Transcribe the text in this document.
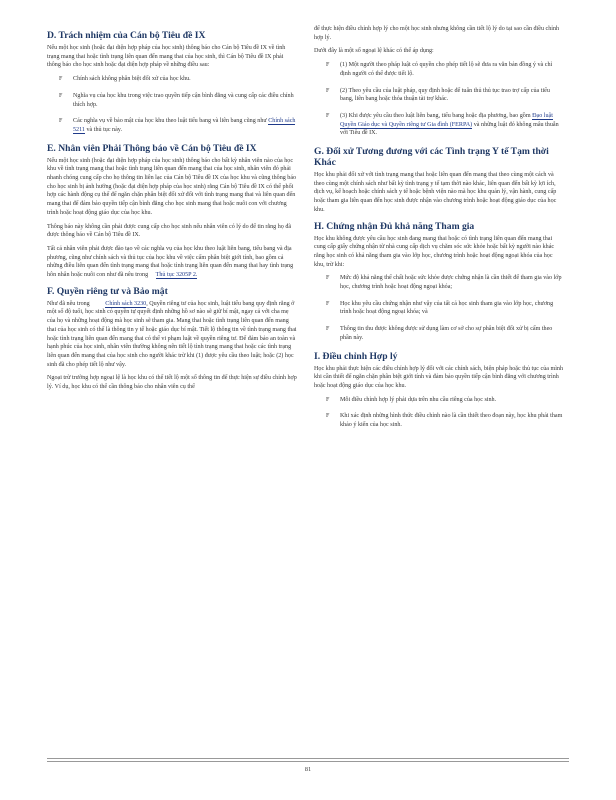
D. Trách nhiệm của Cán bộ Tiêu đề IX

Nếu một học sinh (hoặc đại diện hợp pháp của học sinh) thông báo cho Cán bộ Tiêu đề IX về tình trạng mang thai hoặc tình trạng liên quan đến mang thai của học sinh, thì Cán bộ Tiêu đề IX phải thông báo cho học sinh hoặc đại diện hợp pháp về những điều sau:

F Chính sách không phân biệt đối xử của học khu.
F Nghĩa vụ của học khu trong việc trao quyền tiếp cận bình đẳng và cung cấp các điều chỉnh thích hợp.
F Các nghĩa vụ về bảo mật của học khu theo luật tiểu bang và liên bang cũng như Chính sách 5211 và thủ tục này.
E. Nhân viên Phải Thông báo về Cán bộ Tiêu đề IX

Nếu một học sinh (hoặc đại diện hợp pháp của học sinh) thông báo cho bất kỳ nhân viên nào của học khu về tình trạng mang thai hoặc tình trạng liên quan đến mang thai của học sinh, nhân viên đó phải nhanh chóng cung cấp cho họ thông tin liên lạc của Cán bộ Tiêu đề IX của học khu và cũng thông báo cho học sinh bị ảnh hưởng (hoặc đại diện hợp pháp của học sinh) rằng Cán bộ Tiêu đề IX có thể phối hợp các hành động cụ thể để ngăn chặn phân biệt đối xử đối với tình trạng mang thai và liên quan đến mang thai để đảm bảo quyền tiếp cận bình đẳng cho học sinh mang thai hoặc nuôi con với chương trình hoặc hoạt động giáo dục của học khu.

Thông báo này không cần phải được cung cấp cho học sinh nếu nhân viên có lý do để tin rằng họ đã được thông báo về Cán bộ Tiêu đề IX.

Tất cả nhân viên phải được đào tạo về các nghĩa vụ của học khu theo luật liên bang, tiểu bang và địa phương, cũng như chính sách và thủ tục của học khu về việc cấm phân biệt giới tính, bao gồm cả những điều liên quan đến tình trạng mang thai hoặc tình trạng liên quan đến mang thai hay tình trạng hôn nhân hoặc nuôi con như đã nêu trong Thủ tục 3205P 2.

F. Quyền riêng tư và Bảo mật

Như đã nêu trong	Chính sách 3230, Quyền riêng tư của học sinh, luật tiểu bang quy định rằng ở một số độ tuổi, học sinh có quyền tự quyết định những hồ sơ nào sẽ giữ bí mật, ngay cả với cha mẹ của họ và những hoạt động mà học sinh sẽ tham gia. Mang thai hoặc tình trạng liên quan đến mang thai của học sinh có thể là thông tin y tế hoặc giáo dục bí mật. Tiết lộ thông tin về tình trạng mang thai hoặc tình trạng liên quan đến mang thai có thể vi phạm luật về quyền riêng tư. Để đảm bảo an toàn và hạnh phúc của học sinh, nhân viên thường không nên tiết lộ tình trạng mang thai hoặc các tình trạng liên quan đến mang thai của học sinh cho người khác trừ khi (1) được yêu cầu theo luật; hoặc (2) học sinh đã cho phép tiết lộ như vậy.

Ngoại trừ trường hợp ngoại lệ là học khu có thể tiết lộ một số thông tin để thực hiện sự điều chỉnh hợp lý. Ví dụ, học khu có thể cần thông báo cho nhân viên cụ thể

để thực hiện điều chỉnh hợp lý cho một học sinh nhưng không cần tiết lộ lý do tại sao cần điều chỉnh hợp lý.

Dưới đây là một số ngoại lệ khác có thể áp dụng:

F (1) Một người theo pháp luật có quyền cho phép tiết lộ sẽ đưa ra văn bản đồng ý và chỉ định người có thể được tiết lộ.
F (2) Theo yêu cầu của luật pháp, quy định hoặc để tuân thủ thủ tục trao trợ cấp của tiểu bang, liên bang hoặc thỏa thuận tài trợ khác.
F (3) Khi được yêu cầu theo luật liên bang, tiểu bang hoặc địa phương, bao gồm Đạo luật Quyền Giáo dục và Quyền riêng tư Gia đình (FERPA) và những luật đó không mâu thuẫn với Tiêu đề IX.
G. Đối xử Tương đương với các Tình trạng Y tế Tạm thời Khác

Học khu phải đối xử với tình trạng mang thai hoặc liên quan đến mang thai theo cùng một cách và theo cùng một chính sách như bất kỳ tình trạng y tế tạm thời nào khác, liên quan đến bất kỳ lợi ích, dịch vụ, kế hoạch hoặc chính sách y tế hoặc bệnh viện nào mà học khu quản lý, vận hành, cung cấp hoặc tham gia liên quan đến học sinh được nhận vào chương trình hoặc hoạt động giáo dục của học khu.

H. Chứng nhận Đủ khả năng Tham gia

Học khu không được yêu cầu học sinh đang mang thai hoặc có tình trạng liên quan đến mang thai cung cấp giấy chứng nhận từ nhà cung cấp dịch vụ chăm sóc sức khỏe hoặc bất kỳ người nào khác rằng học sinh có khả năng tham gia vào lớp học, chương trình hoặc hoạt động ngoại khóa của học khu, trừ khi:

F Mức độ khả năng thể chất hoặc sức khỏe được chứng nhận là cần thiết để tham gia vào lớp học, chương trình hoặc hoạt động ngoại khóa;
F Học khu yêu cầu chứng nhận như vậy của tất cả học sinh tham gia vào lớp học, chương trình hoặc hoạt động ngoại khóa; và
F Thông tin thu được không được sử dụng làm cơ sở cho sự phân biệt đối xử bị cấm theo phần này.
I. Điều chỉnh Hợp lý

Học khu phải thực hiện các điều chỉnh hợp lý đối với các chính sách, biện pháp hoặc thủ tục của mình khi cần thiết để ngăn chặn phân biệt giới tính và đảm bảo quyền tiếp cận bình đẳng với chương trình hoặc hoạt động giáo dục của học khu.

F Mỗi điều chỉnh hợp lý phải dựa trên nhu cầu riêng của học sinh.
F Khi xác định những hình thức điều chỉnh nào là cần thiết theo đoạn này, học khu phải tham khảo ý kiến của học sinh.
81
